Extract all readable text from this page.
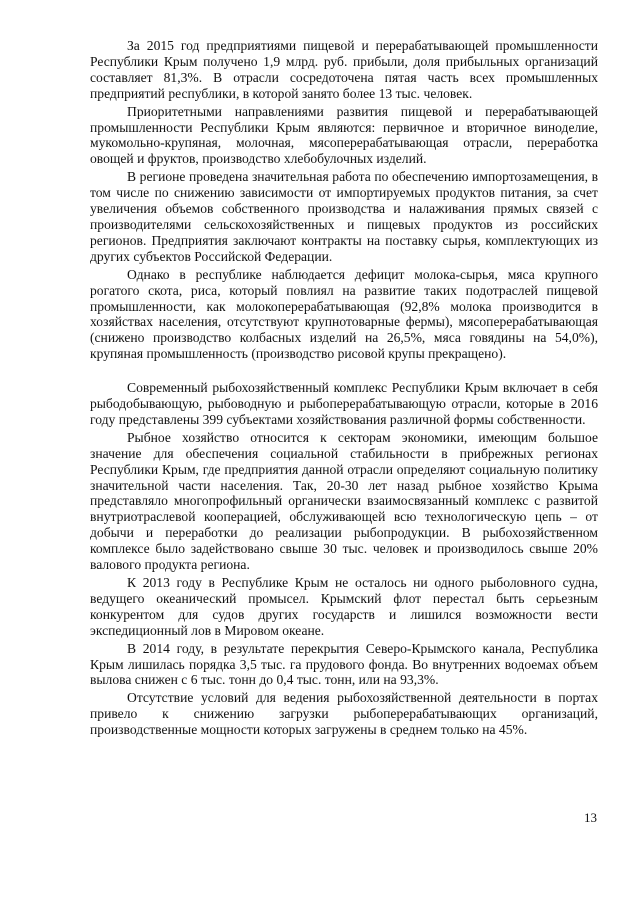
За 2015 год предприятиями пищевой и перерабатывающей промышленности Республики Крым получено 1,9 млрд. руб. прибыли, доля прибыльных организаций составляет 81,3%. В отрасли сосредоточена пятая часть всех промышленных предприятий республики, в которой занято более 13 тыс. человек.

Приоритетными направлениями развития пищевой и перерабатывающей промышленности Республики Крым являются: первичное и вторичное виноделие, мукомольно-крупяная, молочная, мясоперерабатывающая отрасли, переработка овощей и фруктов, производство хлебобулочных изделий.

В регионе проведена значительная работа по обеспечению импортозамещения, в том числе по снижению зависимости от импортируемых продуктов питания, за счет увеличения объемов собственного производства и налаживания прямых связей с производителями сельскохозяйственных и пищевых продуктов из российских регионов. Предприятия заключают контракты на поставку сырья, комплектующих из других субъектов Российской Федерации.

Однако в республике наблюдается дефицит молока-сырья, мяса крупного рогатого скота, риса, который повлиял на развитие таких подотраслей пищевой промышленности, как молокоперерабатывающая (92,8% молока производится в хозяйствах населения, отсутствуют крупнотоварные фермы), мясоперерабатывающая (снижено производство колбасных изделий на 26,5%, мяса говядины на 54,0%), крупяная промышленность (производство рисовой крупы прекращено).

Современный рыбохозяйственный комплекс Республики Крым включает в себя рыбодобывающую, рыбоводную и рыбоперерабатывающую отрасли, которые в 2016 году представлены 399 субъектами хозяйствования различной формы собственности.

Рыбное хозяйство относится к секторам экономики, имеющим большое значение для обеспечения социальной стабильности в прибрежных регионах Республики Крым, где предприятия данной отрасли определяют социальную политику значительной части населения. Так, 20-30 лет назад рыбное хозяйство Крыма представляло многопрофильный органически взаимосвязанный комплекс с развитой внутриотраслевой кооперацией, обслуживающей всю технологическую цепь – от добычи и переработки до реализации рыбопродукции. В рыбохозяйственном комплексе было задействовано свыше 30 тыс. человек и производилось свыше 20% валового продукта региона.

К 2013 году в Республике Крым не осталось ни одного рыболовного судна, ведущего океанический промысел. Крымский флот перестал быть серьезным конкурентом для судов других государств и лишился возможности вести экспедиционный лов в Мировом океане.

В 2014 году, в результате перекрытия Северо-Крымского канала, Республика Крым лишилась порядка 3,5 тыс. га прудового фонда. Во внутренних водоемах объем вылова снижен с 6 тыс. тонн до 0,4 тыс. тонн, или на 93,3%.

Отсутствие условий для ведения рыбохозяйственной деятельности в портах привело к снижению загрузки рыбоперерабатывающих организаций, производственные мощности которых загружены в среднем только на 45%.

13
